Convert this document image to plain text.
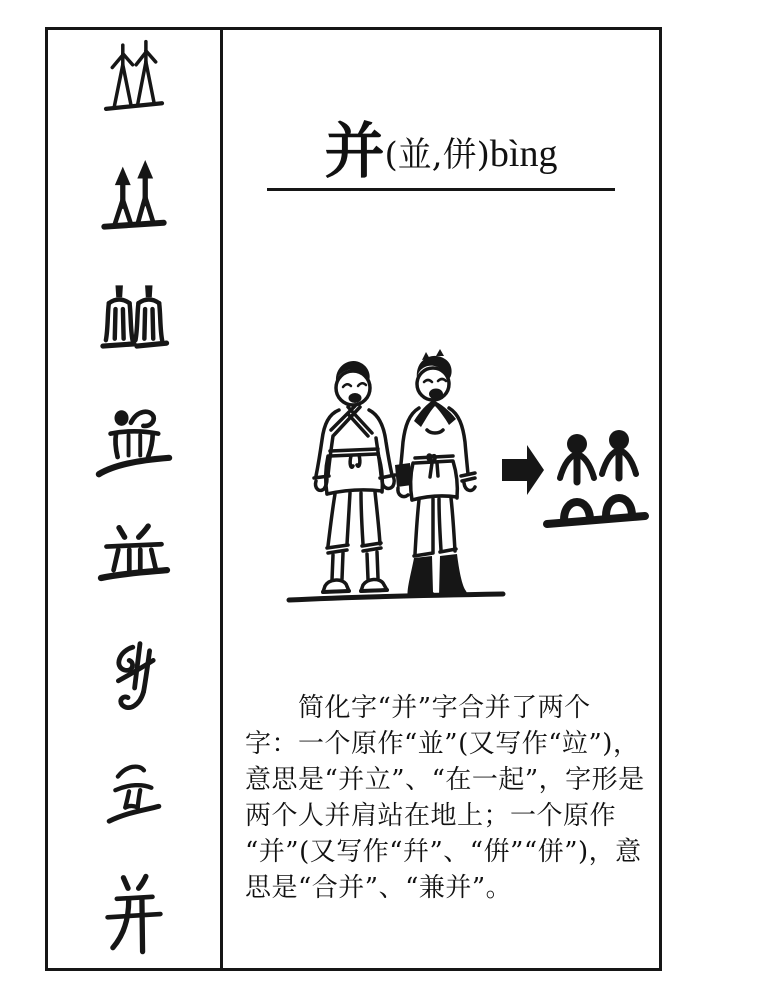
并(並,併)bìng
简化字“并”字合并了两个
字：一个原作“並”(又写作“竝”)，
意思是“并立”、“在一起”，字形是
两个人并肩站在地上；一个原作
“并”(又写作“幷”、“倂”“併”)，意
思是“合并”、“兼并”。
